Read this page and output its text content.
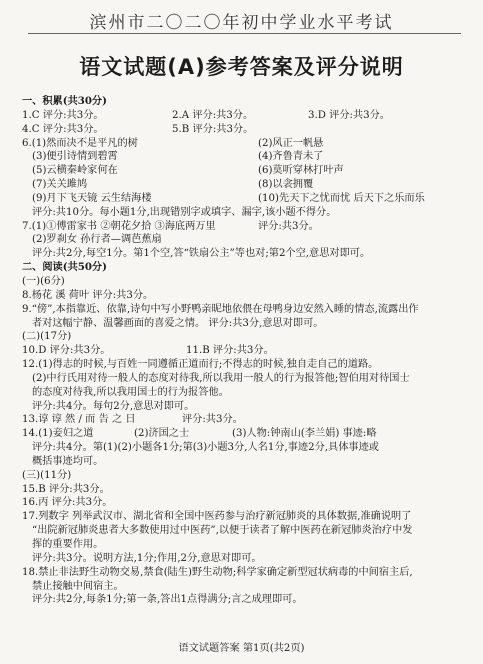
滨州市二〇二〇年初中学业水平考试
语文试题(A)参考答案及评分说明
一、积累(共30分)
1.C 评分:共3分。	2.A 评分:共3分。	3.D 评分:共3分。
4.C 评分:共3分。	5.B 评分:共3分。
6.(1)然而决不是平凡的树	(2)风正一帆悬
(3)便引诗情到碧霄	(4)齐鲁青未了
(5)云横秦岭家何在	(6)莫听穿林打叶声
(7)关关雎鸠	(8)以衾拥覆
(9)月下飞天镜 云生结海楼	(10)先天下之忧而忧 后天下之乐而乐
评分:共10分。每小题1分,出现错别字或填字、漏字,该小题不得分。
7.(1)①傅雷家书 ②朝花夕拾 ③海底两万里	评分:共3分。
(2)罗刹女 孙行者—调芭蕉扇
评分:共2分,每空1分。第1个空,答“铁扇公主”等也对;第2个空,意思对即可。
二、阅读(共50分)
(一)(6分)
8.杨花 溪 荷叶 评分:共3分。
9.“傍”,本指靠近、依靠,诗句中写小野鸭亲昵地依偎在母鸭身边安然入睡的情态,流露出作
者对这幅宁静、温馨画面的喜爱之情。 评分:共3分,意思对即可。
(二)(17分)
10.D 评分:共3分。	11.B 评分:共3分。
12.(1)得志的时候,与百姓一同遵循正道而行;不得志的时候,独自走自己的道路。
(2)中行氏用对待一般人的态度对待我,所以我用一般人的行为报答他;智伯用对待国士
的态度对待我,所以我用国士的行为报答他。
评分:共4分。每句2分,意思对即可。
13.谆 谆 然 / 而 告 之 日	评分:共3分。
14.(1)妾妇之道	(2)济国之士	(3)人物:钟南山(李兰娟) 事迹:略
评分:共4分。第(1)(2)小题各1分;第(3)小题3分,人名1分,事迹2分,具体事迹或
概括事迹均可。
(三)(11分)
15.B 评分:共3分。
16.丙 评分:共3分。
17.列数字 列举武汉市、湖北省和全国中医药参与治疗新冠肺炎的具体数据,准确说明了
“出院新冠肺炎患者大多数使用过中医药”,以便于读者了解中医药在新冠肺炎治疗中发
挥的重要作用。
评分:共3分。说明方法,1分;作用,2分,意思对即可。
18.禁止非法野生动物交易,禁食(陆生)野生动物;科学家确定新型冠状病毒的中间宿主后,
禁止接触中间宿主。
评分:共2分,每条1分;第一条,答出1点得满分;言之成理即可。
语文试题答案 第1页(共2页)
